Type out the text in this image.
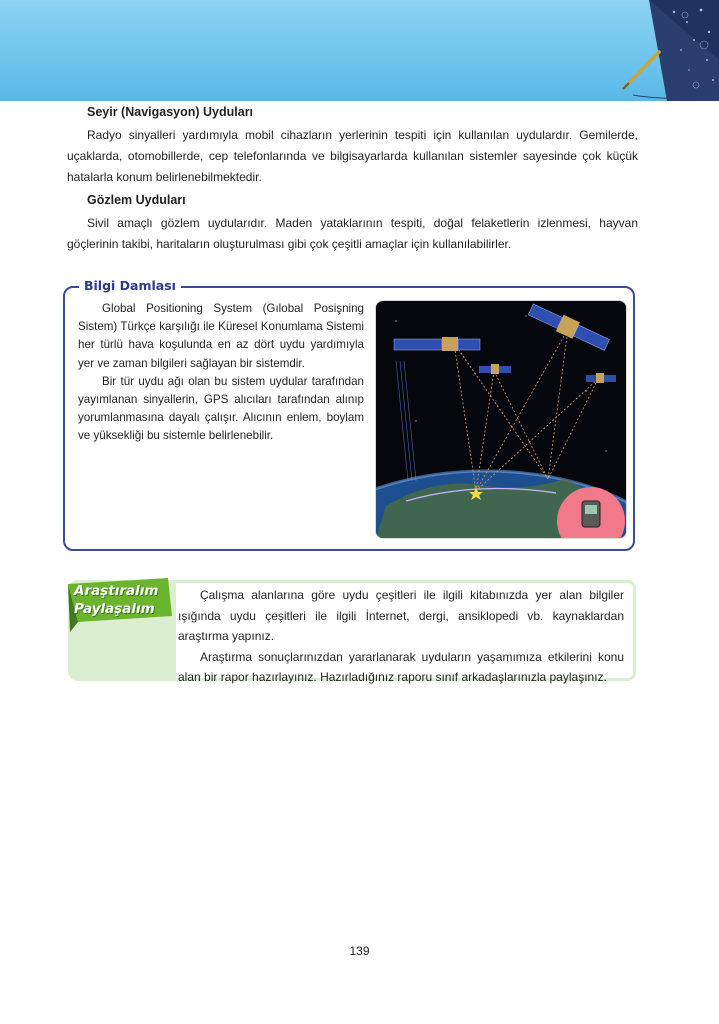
Seyir (Navigasyon) Uyduları

Radyo sinyalleri yardımıyla mobil cihazların yerlerinin tespiti için kullanılan uydulardır. Gemilerde, uçaklarda, otomobillerde, cep telefonlarında ve bilgisayarlarda kullanılan sistemler sayesinde çok küçük hatalarla konum belirlenebilmektedir.

Gözlem Uyduları

Sivil amaçlı gözlem uydularıdır. Maden yataklarının tespiti, doğal felaketlerin izlenmesi, hayvan göçlerinin takibi, haritaların oluşturulması gibi çok çeşitli amaçlar için kullanılabilirler.

Bilgi Damlası

Global Positioning System (Gılobal Posişning Sistem) Türkçe karşılığı ile Küresel Konumlama Sistemi her türlü hava koşulunda en az dört uydu yardımıyla yer ve zaman bilgileri sağlayan bir sistemdir.

Bir tür uydu ağı olan bu sistem uydular tarafından yayımlanan sinyallerin, GPS alıcıları tarafından alınıp yorumlanmasına dayalı çalışır. Alıcının enlem, boylam ve yüksekliği bu sistemle belirlenebilir.

Araştıralım
Paylaşalım

Çalışma alanlarına göre uydu çeşitleri ile ilgili kitabınızda yer alan bilgiler ışığında uydu çeşitleri ile ilgili İnternet, dergi, ansiklopedi vb. kaynaklardan araştırma yapınız.

Araştırma sonuçlarınızdan yararlanarak uyduların yaşamımıza etkilerini konu alan bir rapor hazırlayınız. Hazırladığınız raporu sınıf arkadaşlarınızla paylaşınız.

139
